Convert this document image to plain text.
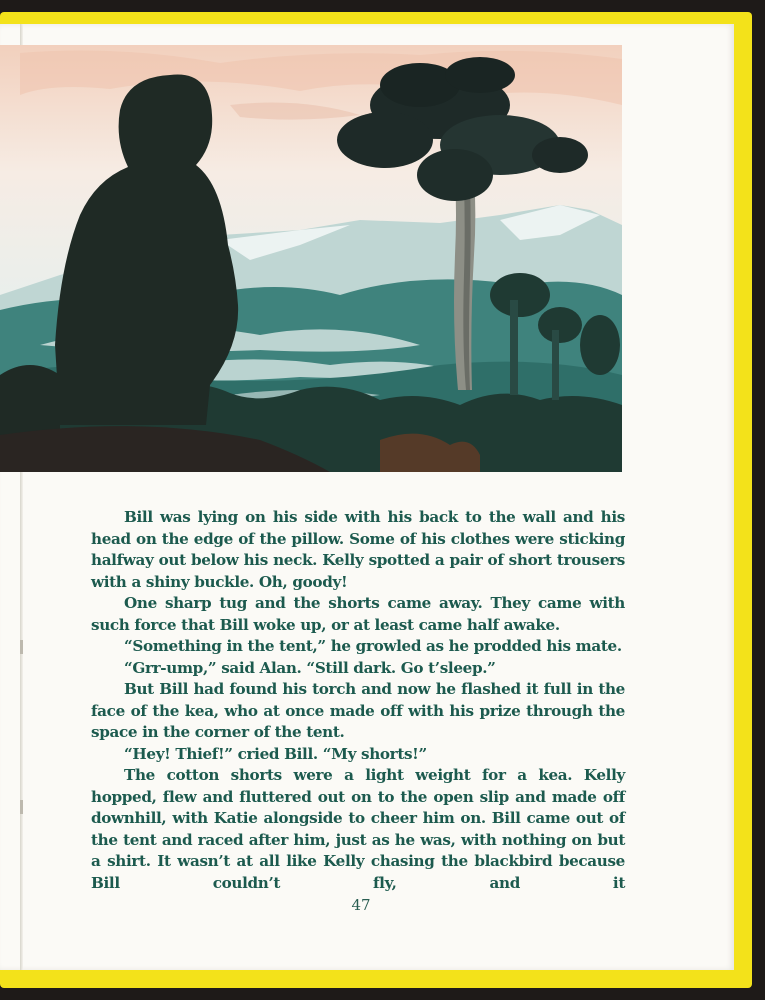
Bill was lying on his side with his back to the wall and his head on the edge of the pillow. Some of his clothes were sticking halfway out below his neck. Kelly spotted a pair of short trousers with a shiny buckle. Oh, goody!

One sharp tug and the shorts came away. They came with such force that Bill woke up, or at least came half awake.

“Something in the tent,” he growled as he prodded his mate.

“Grr-ump,” said Alan. “Still dark. Go t’sleep.”

But Bill had found his torch and now he flashed it full in the face of the kea, who at once made off with his prize through the space in the corner of the tent.

“Hey! Thief!” cried Bill. “My shorts!”

The cotton shorts were a light weight for a kea. Kelly hopped, flew and fluttered out on to the open slip and made off downhill, with Katie alongside to cheer him on. Bill came out of the tent and raced after him, just as he was, with nothing on but a shirt. It wasn’t at all like Kelly chasing the blackbird because Bill couldn’t fly, and it

47
